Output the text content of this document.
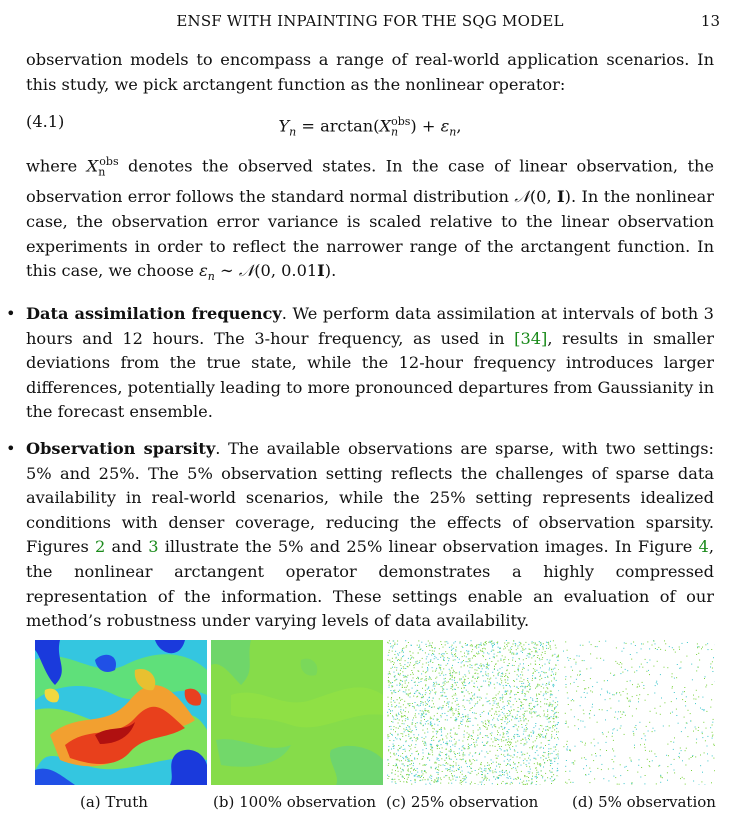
ENSF WITH INPAINTING FOR THE SQG MODEL	13

observation models to encompass a range of real-world application scenarios. In this study, we pick arctangent function as the nonlinear operator:

(4.1)	$Y_n = \arctan(X_n^{obs}) + \varepsilon_n$,

where $X_n^{obs}$ denotes the observed states. In the case of linear observation, the observation error follows the standard normal distribution 𝒩(0, I). In the nonlinear case, the observation error variance is scaled relative to the linear observation experiments in order to reflect the narrower range of the arctangent function. In this case, we choose $\varepsilon_n$ ∼ 𝒩(0, 0.01I).

• Data assimilation frequency. We perform data assimilation at intervals of both 3 hours and 12 hours. The 3-hour frequency, as used in [34], results in smaller deviations from the true state, while the 12-hour frequency introduces larger differences, potentially leading to more pronounced departures from Gaussianity in the forecast ensemble.

• Observation sparsity. The available observations are sparse, with two settings: 5% and 25%. The 5% observation setting reflects the challenges of sparse data availability in real-world scenarios, while the 25% setting represents idealized conditions with denser coverage, reducing the effects of observation sparsity. Figures 2 and 3 illustrate the 5% and 25% linear observation images. In Figure 4, the nonlinear arctangent operator demonstrates a highly compressed representation of the information. These settings enable an evaluation of our method’s robustness under varying levels of data availability.

(a) Truth	(b) 100% observation (c) 25% observation (d) 5% observation
